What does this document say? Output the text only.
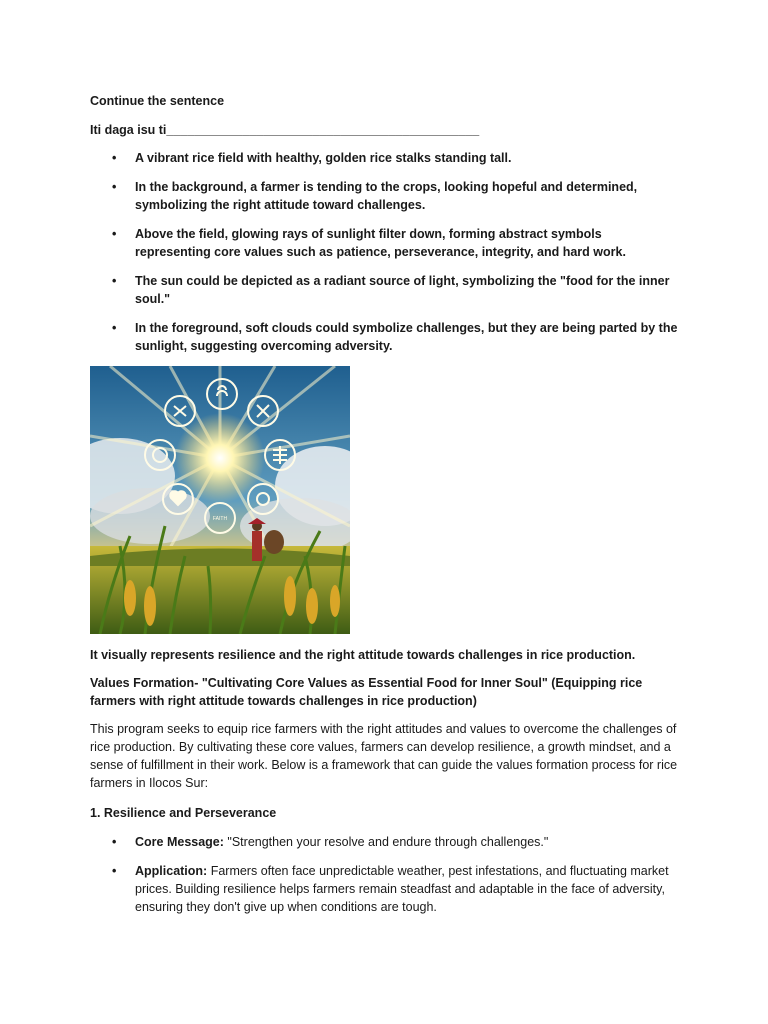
Continue the sentence

Iti daga isu ti_____________________________________________

• A vibrant rice field with healthy, golden rice stalks standing tall.
• In the background, a farmer is tending to the crops, looking hopeful and determined, symbolizing the right attitude toward challenges.
• Above the field, glowing rays of sunlight filter down, forming abstract symbols representing core values such as patience, perseverance, integrity, and hard work.
• The sun could be depicted as a radiant source of light, symbolizing the "food for the inner soul."
• In the foreground, soft clouds could symbolize challenges, but they are being parted by the sunlight, suggesting overcoming adversity.
FAITH

It visually represents resilience and the right attitude towards challenges in rice production.

Values Formation- "Cultivating Core Values as Essential Food for Inner Soul" (Equipping rice farmers with right attitude towards challenges in rice production)

This program seeks to equip rice farmers with the right attitudes and values to overcome the challenges of rice production. By cultivating these core values, farmers can develop resilience, a growth mindset, and a sense of fulfillment in their work. Below is a framework that can guide the values formation process for rice farmers in Ilocos Sur:

1. Resilience and Perseverance

• Core Message: "Strengthen your resolve and endure through challenges."
• Application: Farmers often face unpredictable weather, pest infestations, and fluctuating market prices. Building resilience helps farmers remain steadfast and adaptable in the face of adversity, ensuring they don't give up when conditions are tough.
